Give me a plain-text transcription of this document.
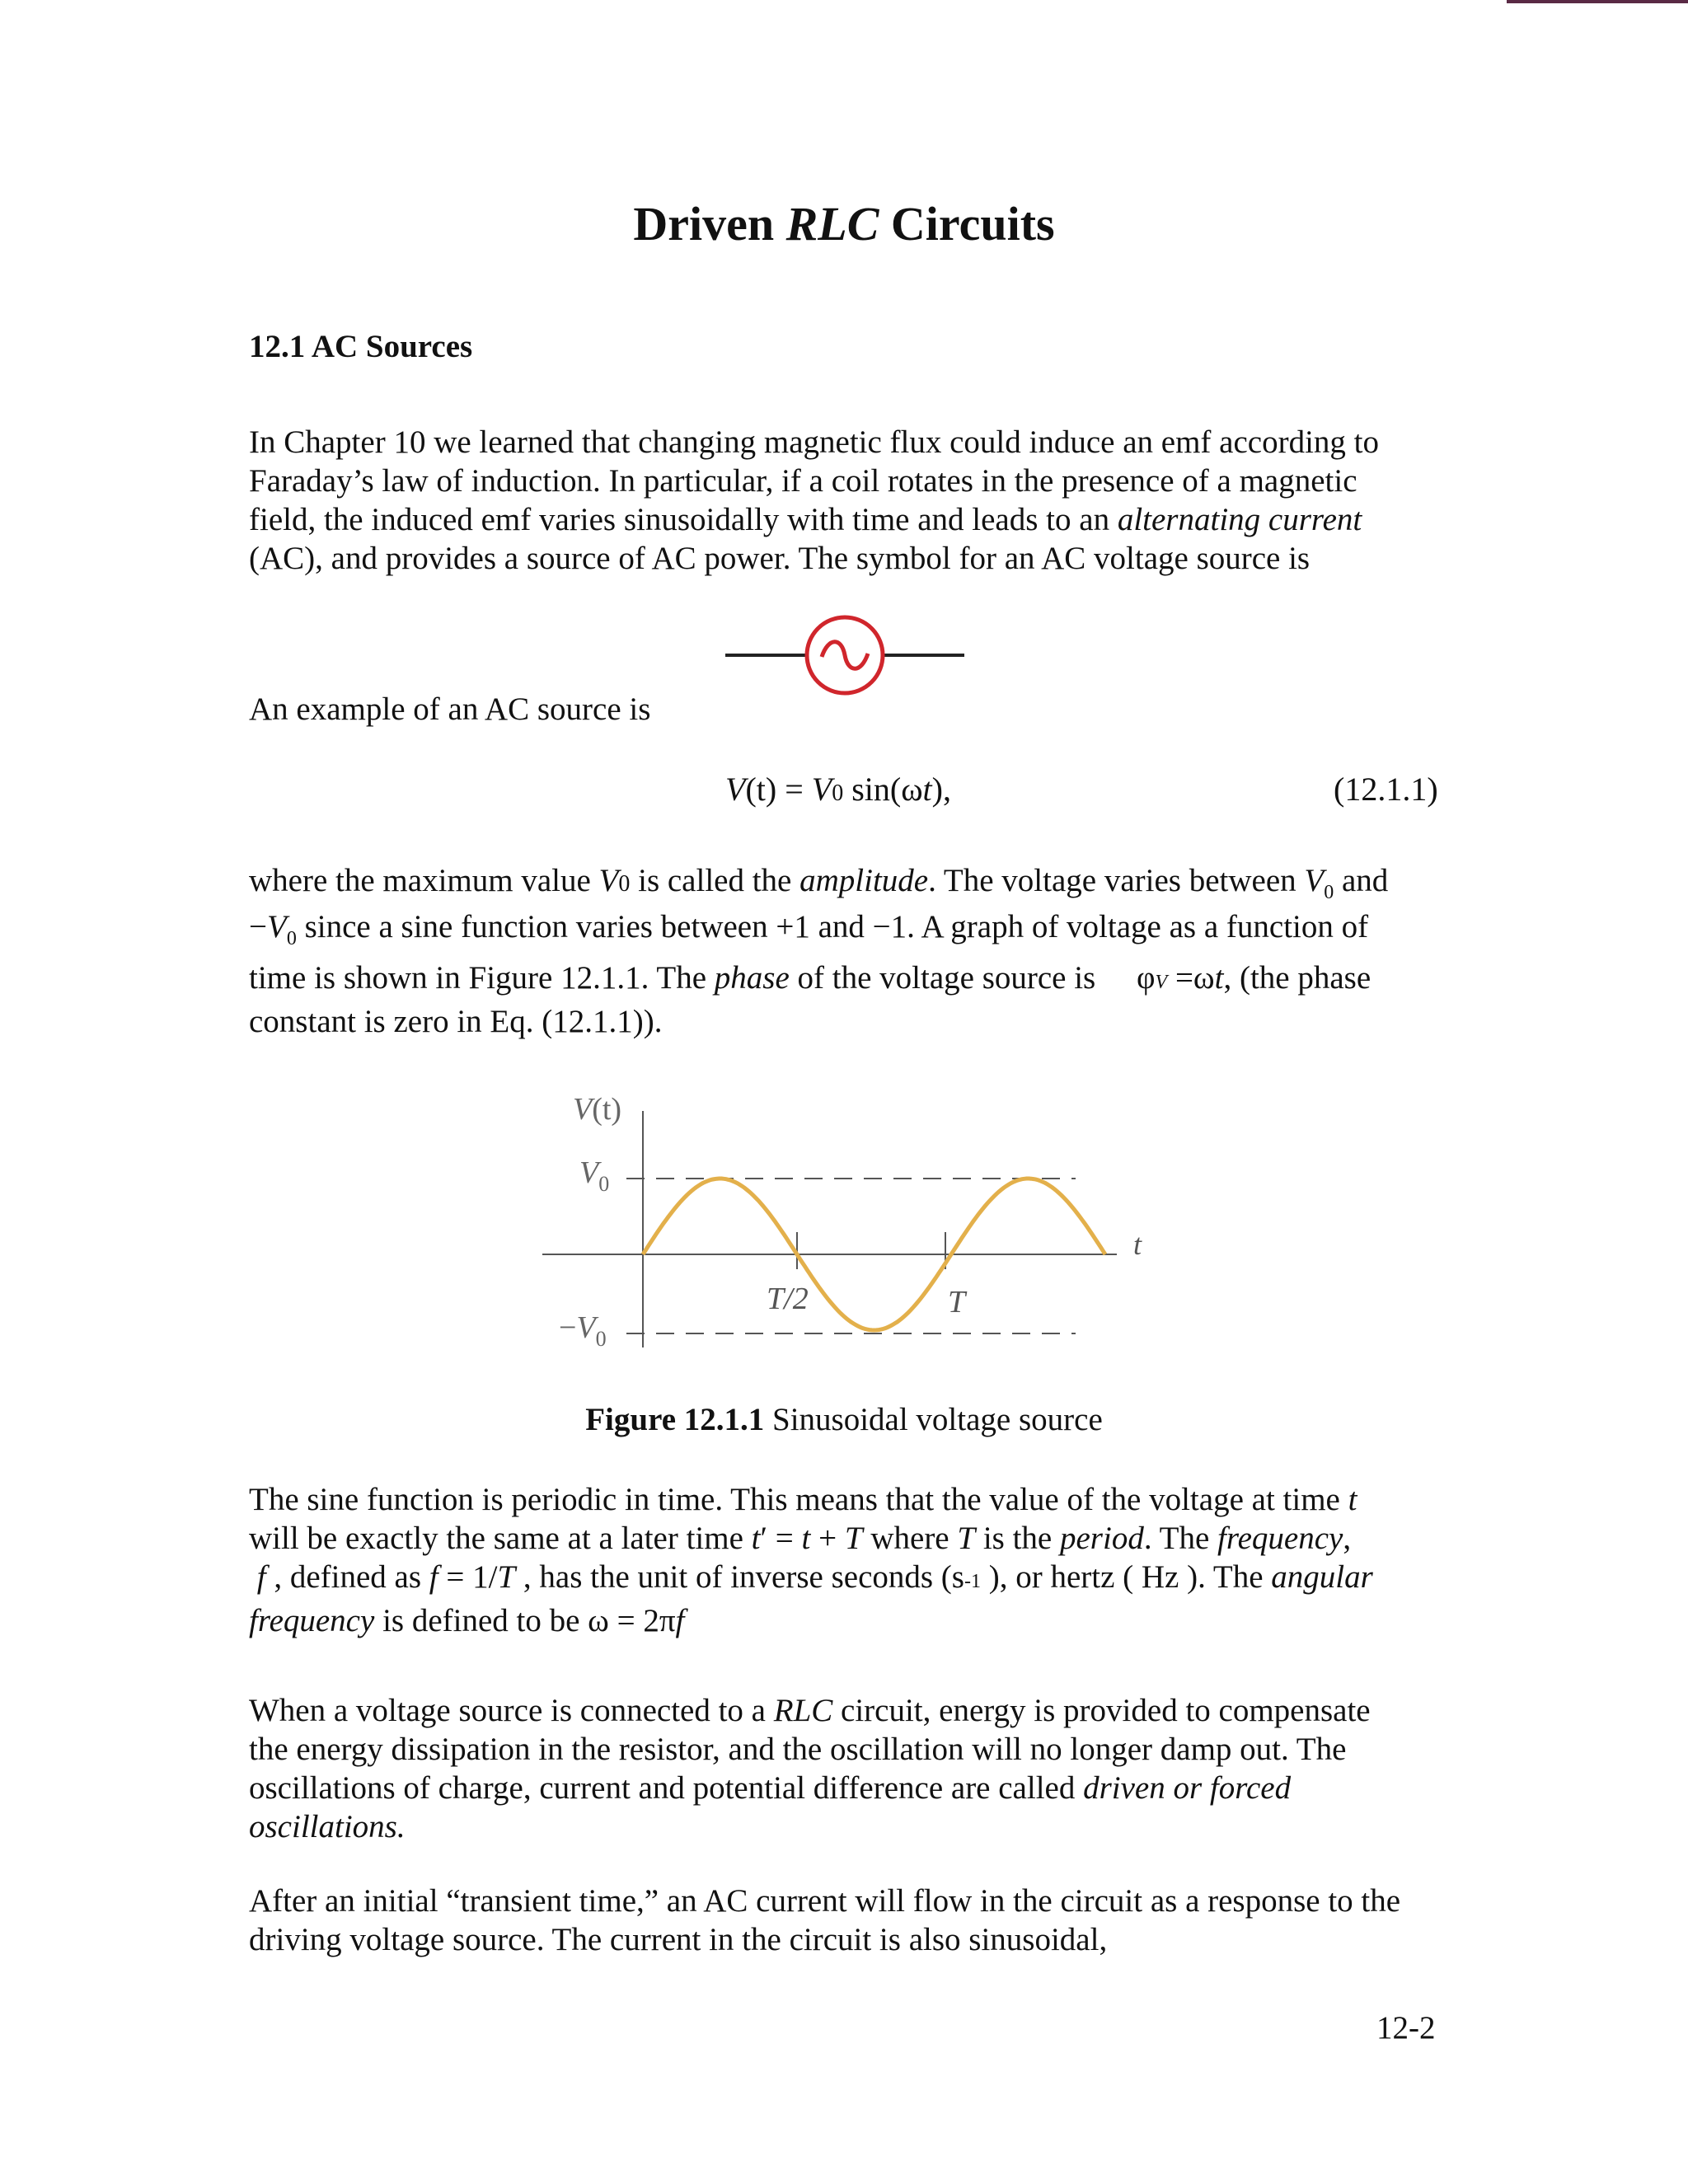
Driven RLC Circuits
12.1 AC Sources

In Chapter 10 we learned that changing magnetic flux could induce an emf according to

Faraday’s law of induction. In particular, if a coil rotates in the presence of a magnetic

field, the induced emf varies sinusoidally with time and leads to an alternating current

(AC), and provides a source of AC power. The symbol for an AC voltage source is

An example of an AC source is

V(t) = V0 sin(ωt),	(12.1.1)

where the maximum value V0 is called the amplitude. The voltage varies between $V_0$ and

$-V_0$ since a sine function varies between +1 and −1. A graph of voltage as a function of

time is shown in Figure 12.1.1. The phase of the voltage source is φV =ωt, (the phase

constant is zero in Eq. (12.1.1)).

V(t)
$V_0$
$-V_0$
t
T/2	T
Figure 12.1.1 Sinusoidal voltage source

The sine function is periodic in time. This means that the value of the voltage at time t

will be exactly the same at a later time t′ = t + T where T is the period. The frequency,

f , defined as f = 1/T , has the unit of inverse seconds (s-1 ), or hertz ( Hz ). The angular

frequency is defined to be ω = 2πf

When a voltage source is connected to a RLC circuit, energy is provided to compensate

the energy dissipation in the resistor, and the oscillation will no longer damp out. The

oscillations of charge, current and potential difference are called driven or forced

oscillations.

After an initial “transient time,” an AC current will flow in the circuit as a response to the

driving voltage source. The current in the circuit is also sinusoidal,

12-2
